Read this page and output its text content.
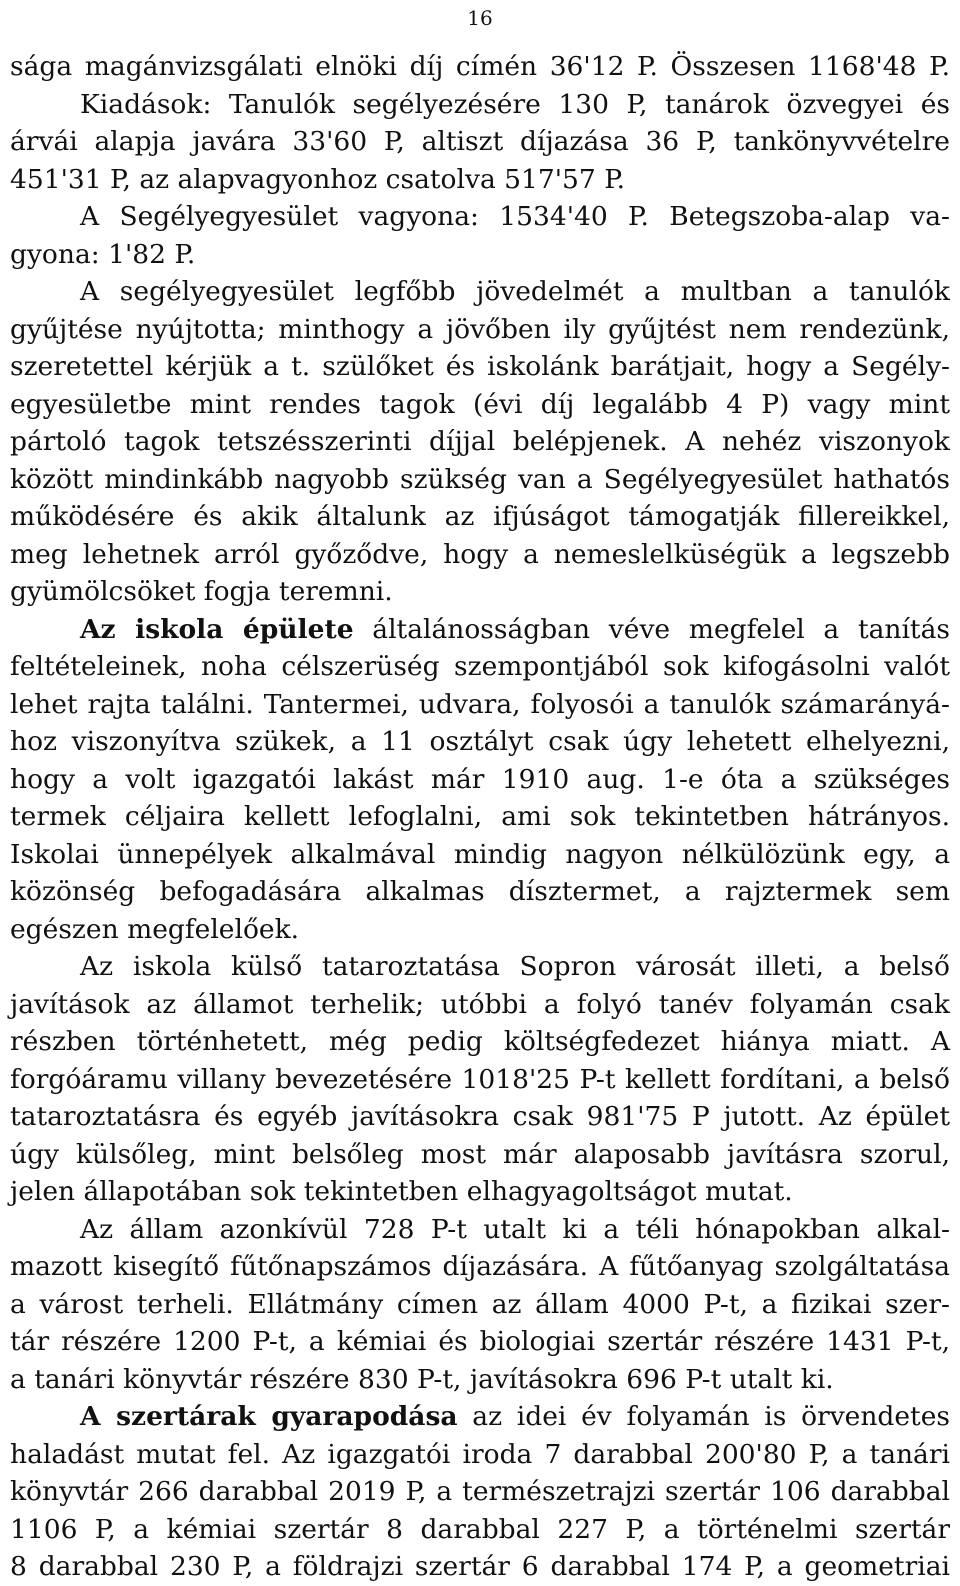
16
sága magánvizsgálati elnöki díj címén 36'12 P. Összesen 1168'48 P.
Kiadások: Tanulók segélyezésére 130 P, tanárok özvegyei és
árvái alapja javára 33'60 P, altiszt díjazása 36 P, tankönyvvételre
451'31 P, az alapvagyonhoz csatolva 517'57 P.
A Segélyegyesület vagyona: 1534'40 P. Betegszoba-alap va-
gyona: 1'82 P.
A segélyegyesület legfőbb jövedelmét a multban a tanulók
gyűjtése nyújtotta; minthogy a jövőben ily gyűjtést nem rendezünk,
szeretettel kérjük a t. szülőket és iskolánk barátjait, hogy a Segély-
egyesületbe mint rendes tagok (évi díj legalább 4 P) vagy mint
pártoló tagok tetszésszerinti díjjal belépjenek. A nehéz viszonyok
között mindinkább nagyobb szükség van a Segélyegyesület hathatós
működésére és akik általunk az ifjúságot támogatják fillereikkel,
meg lehetnek arról győződve, hogy a nemeslelküségük a legszebb
gyümölcsöket fogja teremni.
Az iskola épülete általánosságban véve megfelel a tanítás
feltételeinek, noha célszerüség szempontjából sok kifogásolni valót
lehet rajta találni. Tantermei, udvara, folyosói a tanulók számarányá-
hoz viszonyítva szükek, a 11 osztályt csak úgy lehetett elhelyezni,
hogy a volt igazgatói lakást már 1910 aug. 1-e óta a szükséges
termek céljaira kellett lefoglalni, ami sok tekintetben hátrányos.
Iskolai ünnepélyek alkalmával mindig nagyon nélkülözünk egy, a
közönség befogadására alkalmas dísztermet, a rajztermek sem
egészen megfelelőek.
Az iskola külső tataroztatása Sopron városát illeti, a belső
javítások az államot terhelik; utóbbi a folyó tanév folyamán csak
részben történhetett, még pedig költségfedezet hiánya miatt. A
forgóáramu villany bevezetésére 1018'25 P-t kellett fordítani, a belső
tataroztatásra és egyéb javításokra csak 981'75 P jutott. Az épület
úgy külsőleg, mint belsőleg most már alaposabb javításra szorul,
jelen állapotában sok tekintetben elhagyagoltságot mutat.
Az állam azonkívül 728 P-t utalt ki a téli hónapokban alkal-
mazott kisegítő fűtőnapszámos díjazására. A fűtőanyag szolgáltatása
a várost terheli. Ellátmány címen az állam 4000 P-t, a fizikai szer-
tár részére 1200 P-t, a kémiai és biologiai szertár részére 1431 P-t,
a tanári könyvtár részére 830 P-t, javításokra 696 P-t utalt ki.
A szertárak gyarapodása az idei év folyamán is örvendetes
haladást mutat fel. Az igazgatói iroda 7 darabbal 200'80 P, a tanári
könyvtár 266 darabbal 2019 P, a természetrajzi szertár 106 darabbal
1106 P, a kémiai szertár 8 darabbal 227 P, a történelmi szertár
8 darabbal 230 P, a földrajzi szertár 6 darabbal 174 P, a geometriai
